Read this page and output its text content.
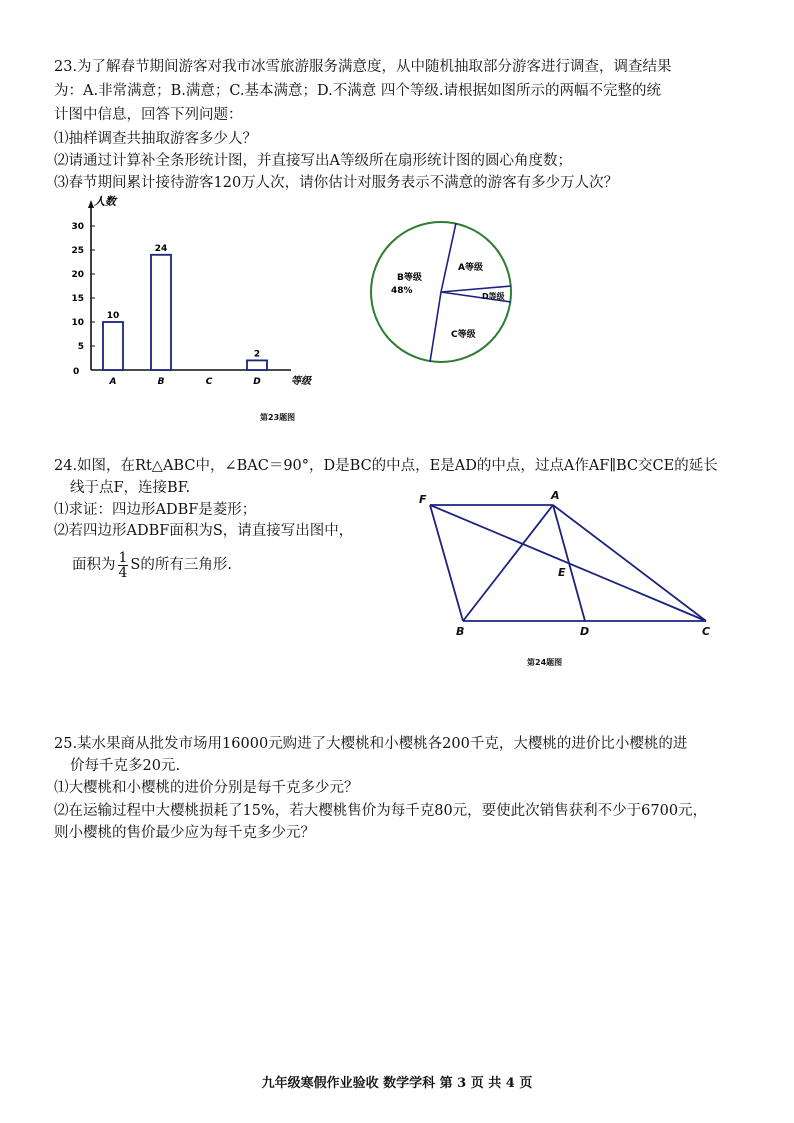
23.为了解春节期间游客对我市冰雪旅游服务满意度，从中随机抽取部分游客进行调查，调查结果
为：A.非常满意；B.满意；C.基本满意；D.不满意 四个等级.请根据如图所示的两幅不完整的统
计图中信息，回答下列问题：
⑴抽样调查共抽取游客多少人？
⑵请通过计算补全条形统计图，并直接写出A等级所在扇形统计图的圆心角度数；
⑶春节期间累计接待游客120万人次，请你估计对服务表示不满意的游客有多少万人次？
人数
等级
0
5
10
15
20
25
30
10
A
24
B	C
2
D
A等级
B等级
48%
C等级
D等级
第23题图
24.如图，在Rt△ABC中，∠BAC＝90°，D是BC的中点，E是AD的中点，过点A作AF∥BC交CE的延长
线于点F，连接BF.
⑴求证：四边形ADBF是菱形；
⑵若四边形ADBF面积为S，请直接写出图中，
面积为 $\frac{1}{4}$ S的所有三角形.
F	A
E
B	D	C
第24题图
25.某水果商从批发市场用16000元购进了大樱桃和小樱桃各200千克，大樱桃的进价比小樱桃的进
价每千克多20元.
⑴大樱桃和小樱桃的进价分别是每千克多少元？
⑵在运输过程中大樱桃损耗了15%，若大樱桃售价为每千克80元，要使此次销售获利不少于6700元，
则小樱桃的售价最少应为每千克多少元？
九年级寒假作业验收 数学学科 第 3 页 共 4 页
